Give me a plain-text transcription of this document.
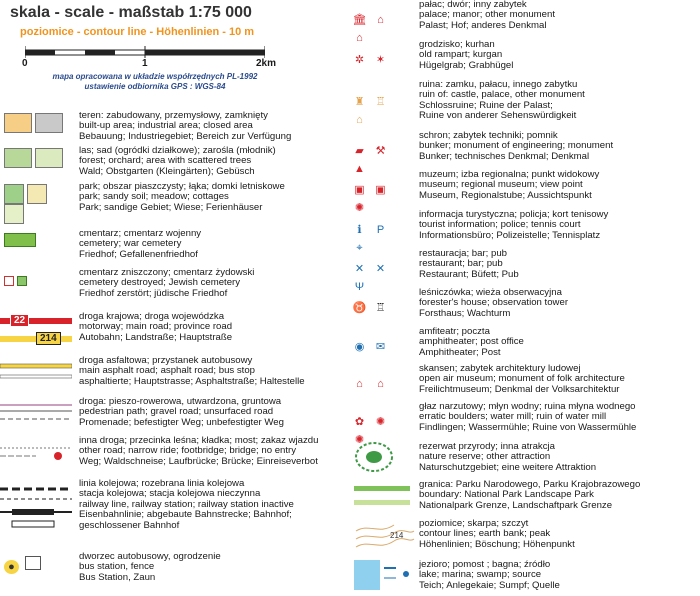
skala - scale - maßstab 1:75 000
poziomice - contour line - Höhenlinien - 10 m
0	1	2km
mapa opracowana w układzie współrzędnych PL-1992
ustawienie odbiornika GPS : WGS-84
teren: zabudowany, przemysłowy, zamknięty
built-up area; industrial area; closed area
Bebauung; Industriegebiet; Bereich zur Verfügung
las; sad (ogródki działkowe); zarośla (młodnik)
forest; orchard; area with scattered trees
Wald; Obstgarten (Kleingärten); Gebüsch
park; obszar piaszczysty; łąka; domki letniskowe
park; sandy soil; meadow; cottages
Park; sandige Gebiet; Wiese; Ferienhäuser
cmentarz; cmentarz wojenny
cemetery; war cemetery
Friedhof; Gefallenenfriedhof
cmentarz zniszczony; cmentarz żydowski
cemetery destroyed; Jewish cemetery
Friedhof zerstört; jüdische Friedhof
22
214
droga krajowa; droga wojewódzka
motorway; main road; province road
Autobahn; Landstraße; Hauptstraße
droga asfaltowa; przystanek autobusowy
main asphalt road; asphalt road; bus stop
asphaltierte; Hauptstrasse; Asphaltstraße; Haltestelle
droga: pieszo-rowerowa, utwardzona, gruntowa
pedestrian path; gravel road; unsurfaced road
Promenade; befestigter Weg; unbefestigter Weg
inna droga; przecinka leśna; kładka; most; zakaz wjazdu
other road; narrow ride; footbridge; bridge; no entry
Weg; Waldschneise; Laufbrücke; Brücke; Einreiseverbot
linia kolejowa; rozebrana linia kolejowa
stacja kolejowa; stacja kolejowa nieczynna
railway line, railway station; railway station inactive
Eisenbahnlinie; abgebaute Bahnstrecke; Bahnhof;
geschlossener Bahnhof
●
dworzec autobusowy, ogrodzenie
bus station, fence
Bus Station, Zaun
🏛 ⌂⌂
pałac; dwór; inny zabytek
palace; manor; other monument
Palast; Hof; anderes Denkmal
✲ ✶
grodzisko; kurhan
old rampart; kurgan
Hügelgrab; Grabhügel
♜ ♖⌂
ruina: zamku, pałacu, innego zabytku
ruin of: castle, palace, other monument
Schlossruine; Ruine der Palast;
Ruine von anderer Sehenswürdigkeit
▰ ⚒▲
schron; zabytek techniki; pomnik
bunker; monument of engineering; monument
Bunker; technisches Denkmal; Denkmal
▣ ▣✺
muzeum; izba regionalna; punkt widokowy
museum; regional museum; view point
Museum, Regionalstube; Aussichtspunkt
ℹ P⌖
informacja turystyczna; policja; kort tenisowy
tourist information; police; tennis court
Informationsbüro; Polizeistelle; Tennisplatz
✕ ✕Ψ
restauracja; bar; pub
restaurant; bar; pub
Restaurant; Büfett; Pub
♉ ♖
leśniczówka; wieża obserwacyjna
forester's house; observation tower
Forsthaus; Wachturm
◉ ✉
amfiteatr; poczta
amphitheater; post office
Amphitheater; Post
⌂ ⌂
skansen; zabytek architektury ludowej
open air museum; monument of folk architecture
Freilichtmuseum; Denkmal der Volksarchitektur
✿ ✺✺
głaz narzutowy; młyn wodny; ruina młyna wodnego
erratic boulders; water mill; ruin of water mill
Findlingen; Wassermühle; Ruine von Wassermühle
rezerwat przyrody; inna atrakcja
nature reserve; other attraction
Naturschutzgebiet; eine weitere Attraktion
granica: Parku Narodowego, Parku Krajobrazowego
boundary: National Park Landscape Park
Nationalpark Grenze, Landschaftpark Grenze
214
poziomice; skarpa; szczyt
contour lines; earth bank; peak
Höhenlinien; Böschung; Höhenpunkt
jezioro; pomost ; bagna; źródło
lake; marina; swamp; source
Teich; Anlegekaie; Sumpf; Quelle
